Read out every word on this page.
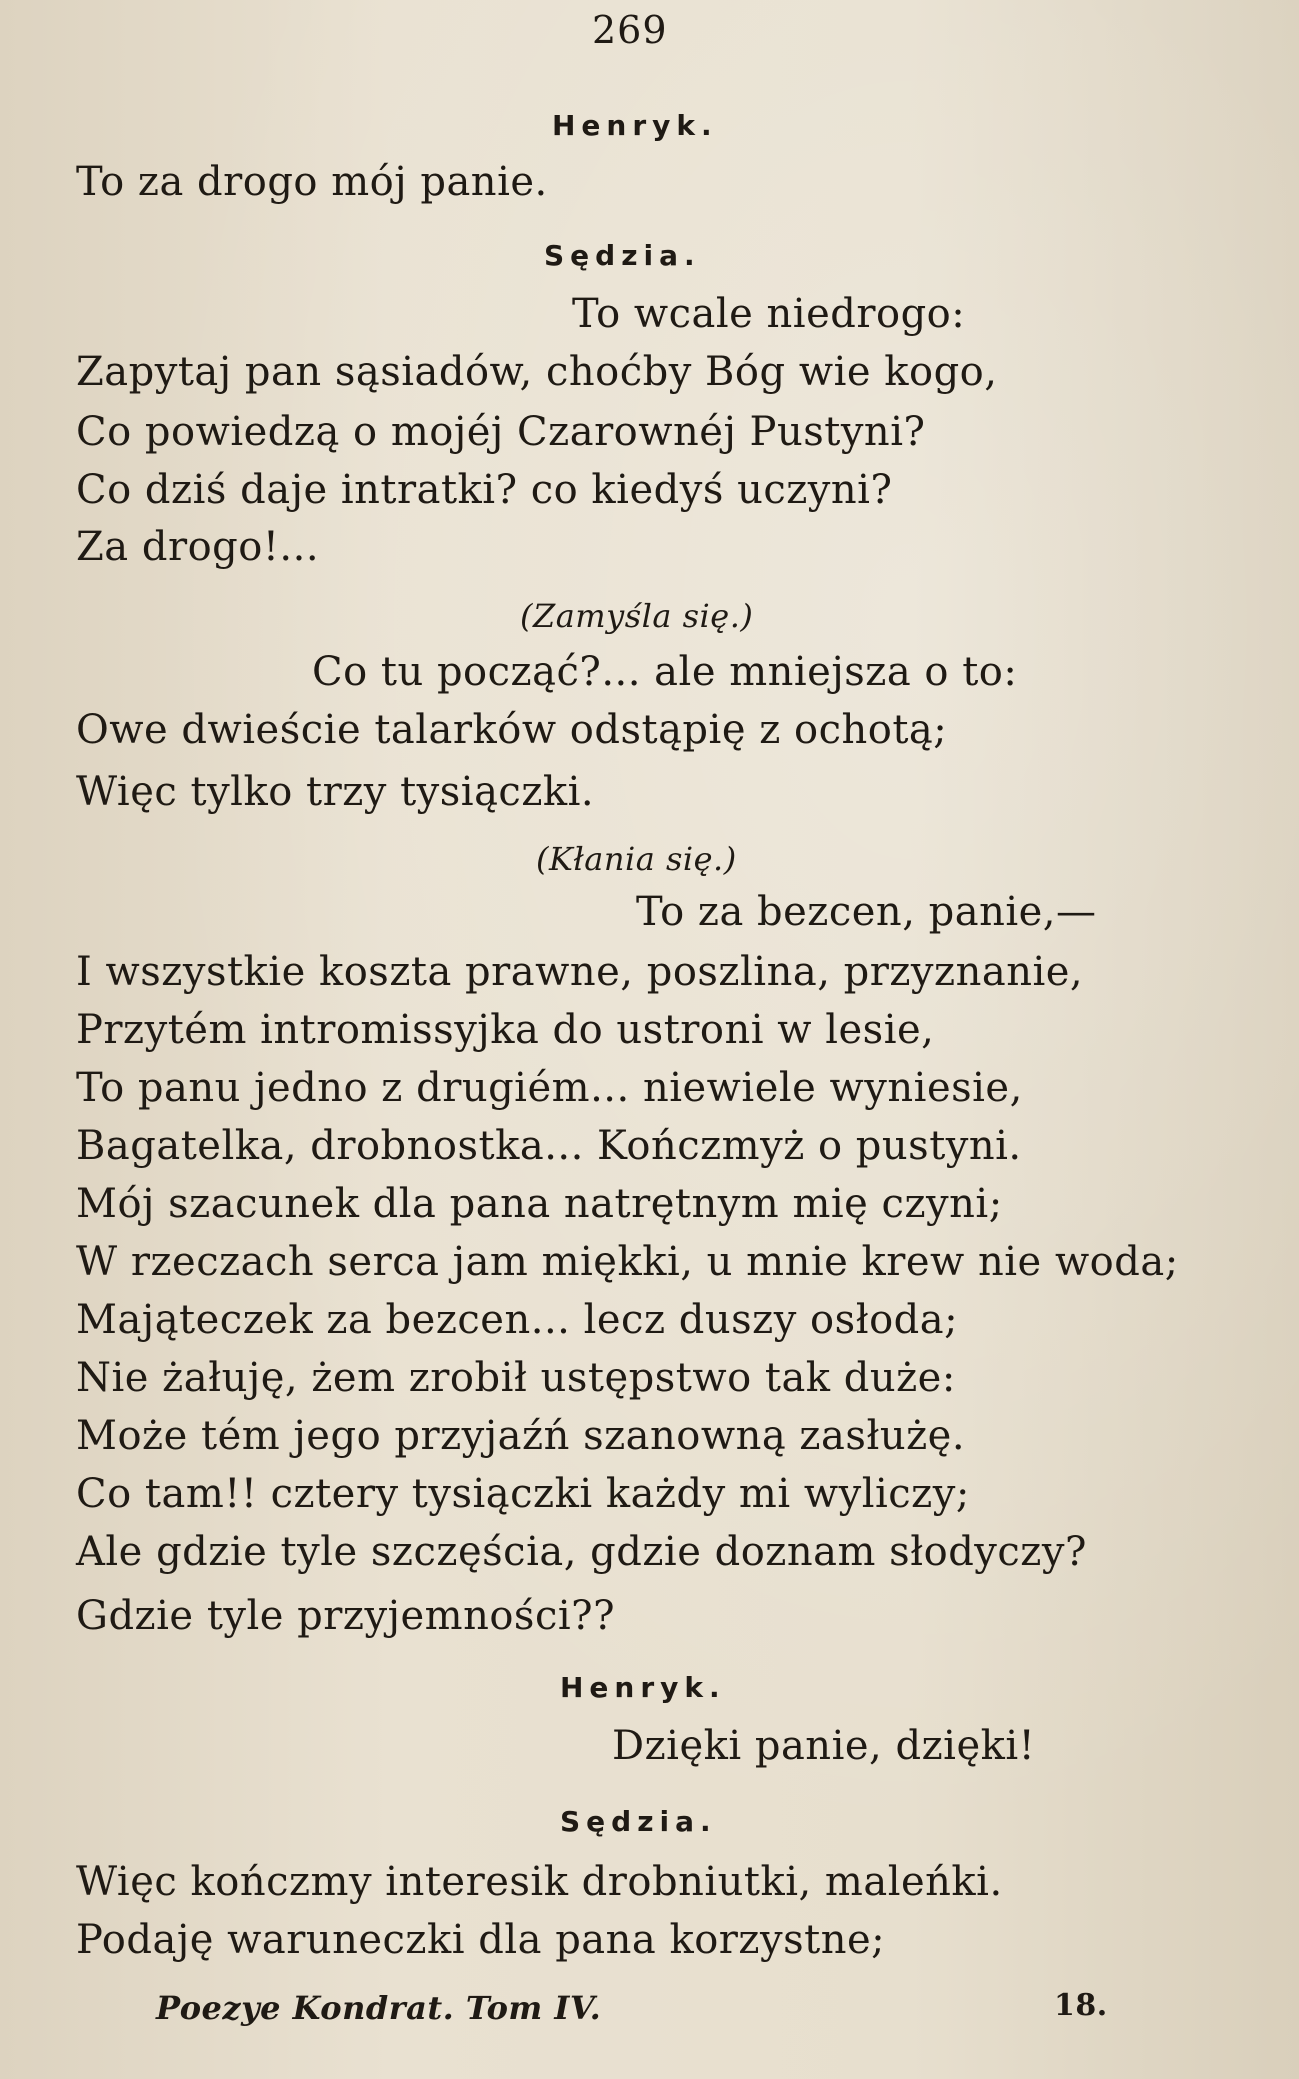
269
Henryk.
To za drogo mój panie.
Sędzia.
To wcale niedrogo:
Zapytaj pan sąsiadów, choćby Bóg wie kogo,
Co powiedzą o mojéj Czarownéj Pustyni?
Co dziś daje intratki? co kiedyś uczyni?
Za drogo!...
(Zamyśla się.)
Co tu począć?... ale mniejsza o to:
Owe dwieście talarków odstąpię z ochotą;
Więc tylko trzy tysiączki.
(Kłania się.)
To za bezcen, panie,—
I wszystkie koszta prawne, poszlina, przyznanie,
Przytém intromissyjka do ustroni w lesie,
To panu jedno z drugiém... niewiele wyniesie,
Bagatelka, drobnostka... Kończmyż o pustyni.
Mój szacunek dla pana natrętnym mię czyni;
W rzeczach serca jam miękki, u mnie krew nie woda;
Mająteczek za bezcen... lecz duszy osłoda;
Nie żałuję, żem zrobił ustępstwo tak duże:
Może tém jego przyjaźń szanowną zasłużę.
Co tam!! cztery tysiączki każdy mi wyliczy;
Ale gdzie tyle szczęścia, gdzie doznam słodyczy?
Gdzie tyle przyjemności??
Henryk.
Dzięki panie, dzięki!
Sędzia.
Więc kończmy interesik drobniutki, maleńki.
Podaję waruneczki dla pana korzystne;
Poezye Kondrat. Tom IV.	18.
